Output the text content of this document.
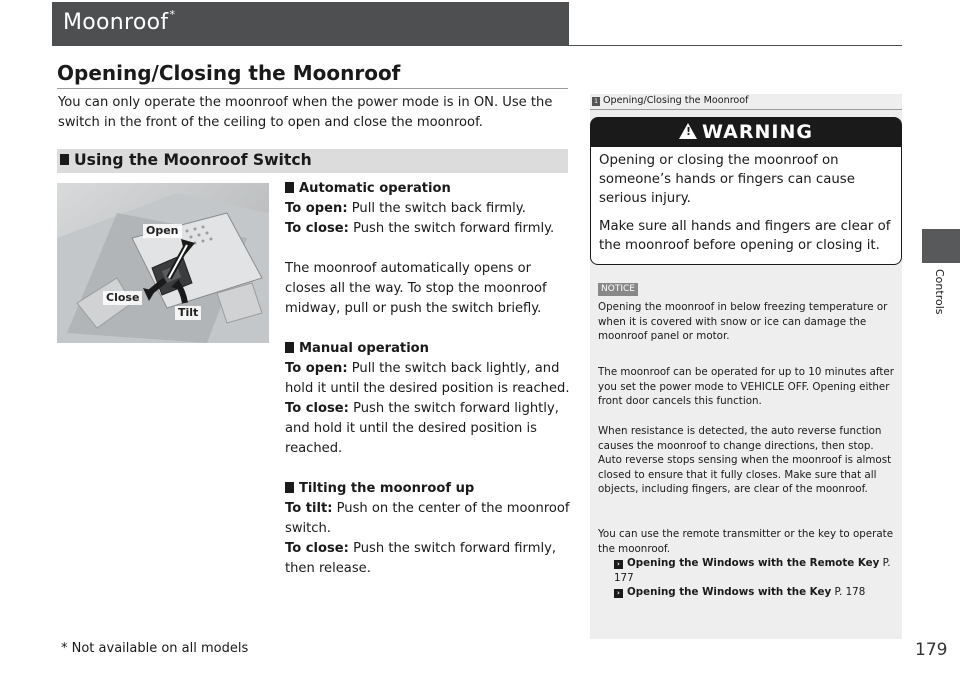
Moonroof*
Opening/Closing the Moonroof
You can only operate the moonroof when the power mode is in ON. Use the switch in the front of the ceiling to open and close the moonroof.
Using the Moonroof Switch
Open
Close
Tilt
Automatic operation
To open: Pull the switch back firmly.
To close: Push the switch forward firmly.
The moonroof automatically opens or closes all the way. To stop the moonroof midway, pull or push the switch briefly.
Manual operation
To open: Pull the switch back lightly, and hold it until the desired position is reached.
To close: Push the switch forward lightly, and hold it until the desired position is reached.
Tilting the moonroof up
To tilt: Push on the center of the moonroof switch.
To close: Push the switch forward firmly, then release.
1 Opening/Closing the Moonroof
! WARNING
Opening or closing the moonroof on someone’s hands or fingers can cause serious injury.
Make sure all hands and fingers are clear of the moonroof before opening or closing it.
NOTICE
Opening the moonroof in below freezing temperature or when it is covered with snow or ice can damage the moonroof panel or motor.
The moonroof can be operated for up to 10 minutes after you set the power mode to VEHICLE OFF. Opening either front door cancels this function.
When resistance is detected, the auto reverse function causes the moonroof to change directions, then stop. Auto reverse stops sensing when the moonroof is almost closed to ensure that it fully closes. Make sure that all objects, including fingers, are clear of the moonroof.
You can use the remote transmitter or the key to operate the moonroof.
› Opening the Windows with the Remote Key P. 177
› Opening the Windows with the Key P. 178
Controls
* Not available on all models	179
